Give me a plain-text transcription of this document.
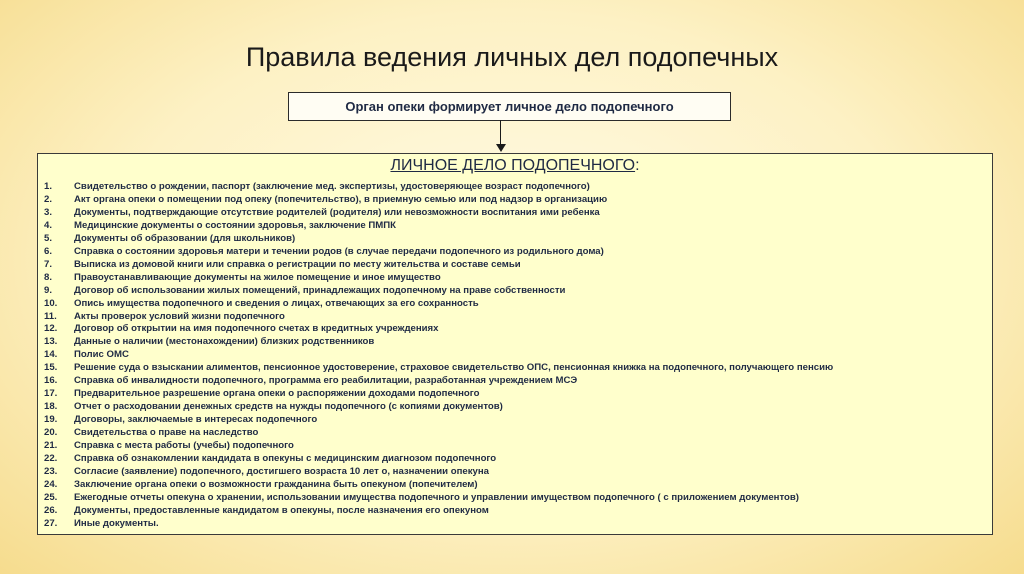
Правила ведения личных дел подопечных
Орган опеки формирует личное дело подопечного
ЛИЧНОЕ ДЕЛО ПОДОПЕЧНОГО:
1.	Свидетельство о рождении, паспорт (заключение мед. экспертизы, удостоверяющее возраст подопечного)
2.	Акт органа опеки о помещении под опеку (попечительство), в приемную семью или под надзор в организацию
3.	Документы, подтверждающие отсутствие родителей (родителя) или невозможности воспитания ими ребенка
4.	Медицинские документы о состоянии здоровья, заключение ПМПК
5.	Документы об образовании (для школьников)
6.	Справка о состоянии здоровья матери и течении родов (в случае передачи подопечного из родильного дома)
7.	Выписка из домовой книги или справка о регистрации по месту жительства и составе семьи
8.	Правоустанавливающие документы на жилое помещение и иное имущество
9.	Договор об использовании жилых помещений, принадлежащих подопечному на праве собственности
10.	Опись имущества подопечного и сведения о лицах, отвечающих за его сохранность
11.	Акты проверок условий жизни подопечного
12.	Договор об открытии на имя подопечного счетах в кредитных учреждениях
13.	Данные о наличии (местонахождении) близких родственников
14.	Полис ОМС
15.	Решение суда о взыскании алиментов, пенсионное удостоверение, страховое свидетельство ОПС, пенсионная книжка на подопечного, получающего пенсию
16.	Справка об инвалидности подопечного, программа его реабилитации, разработанная учреждением МСЭ
17.	Предварительное разрешение органа опеки о распоряжении доходами подопечного
18.	Отчет о расходовании денежных средств на нужды подопечного (с копиями документов)
19.	Договоры, заключаемые в интересах подопечного
20.	Свидетельства о праве на наследство
21.	Справка с места работы (учебы) подопечного
22.	Справка об ознакомлении кандидата в опекуны с медицинским диагнозом подопечного
23.	Согласие (заявление) подопечного, достигшего возраста 10 лет о, назначении опекуна
24.	Заключение органа опеки о возможности гражданина быть опекуном (попечителем)
25.	Ежегодные отчеты опекуна о хранении, использовании имущества подопечного и управлении имуществом подопечного ( с приложением документов)
26.	Документы, предоставленные кандидатом в опекуны, после назначения его опекуном
27.	Иные документы.
